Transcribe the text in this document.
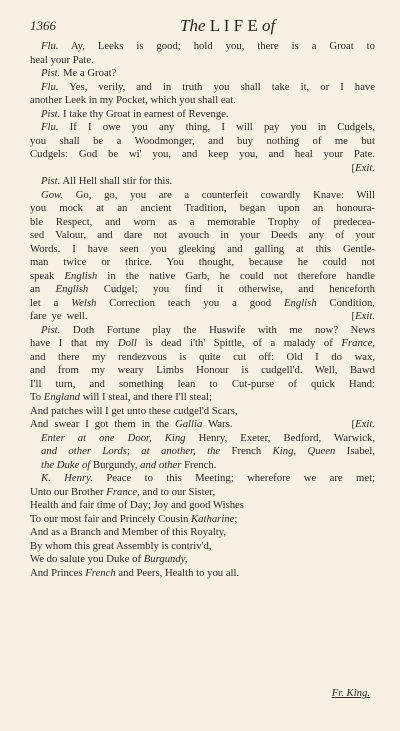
1366	The L I F E of
Flu. Ay, Leeks is good; hold you, there is a Groat to
heal your Pate.
Pist. Me a Groat?
Flu. Yes, verily, and in truth you shall take it, or I have
another Leek in my Pocket, which you shall eat.
Pist. I take thy Groat in earnest of Revenge.
Flu. If I owe you any thing, I will pay you in Cudgels,
you shall be a Woodmonger, and buy nothing of me but
Cudgels: God be wi' you, and keep you, and heal your Pate.
[Exit.
Pist. All Hell shall stir for this.
Gow. Go, go, you are a counterfeit cowardly Knave: Will
you mock at an ancient Tradition, began upon an honoura-
ble Respect, and worn as a memorable Trophy of predecea-
sed Valour, and dare not avouch in your Deeds any of your
Words. I have seen you gleeking and galling at this Gentle-
man twice or thrice. You thought, because he could not
speak English in the native Garb, he could not therefore handle
an English Cudgel; you find it otherwise, and henceforth
let a Welsh Correction teach you a good English Condition,
fare ye well.                                                      [Exit.
Pist. Doth Fortune play the Huswife with me now? News
have I that my Doll is dead i'th' Spittle, of a malady of France,
and there my rendezvous is quite cut off: Old I do wax,
and from my weary Limbs Honour is cudgell'd. Well, Bawd
I'll turn, and something lean to Cut-purse of quick Hand:
To England will I steal, and there I'll steal;
And patches will I get unto these cudgel'd Scars,
And swear I got them in the Gallia Wars.                    [Exit.
Enter at one Door, King Henry, Exeter, Bedford, Warwick,
and other Lords; at another, the French King, Queen Isabel,
the Duke of Burgundy, and other French.
K. Henry. Peace to this Meeting; wherefore we are met;
Unto our Brother France, and to our Sister,
Health and fair time of Day; Joy and good Wishes
To our most fair and Princely Cousin Katharine;
And as a Branch and Member of this Royalty,
By whom this great Assembly is contriv'd,
We do salute you Duke of Burgundy,
And Princes French and Peers, Health to you all.
Fr. King.
